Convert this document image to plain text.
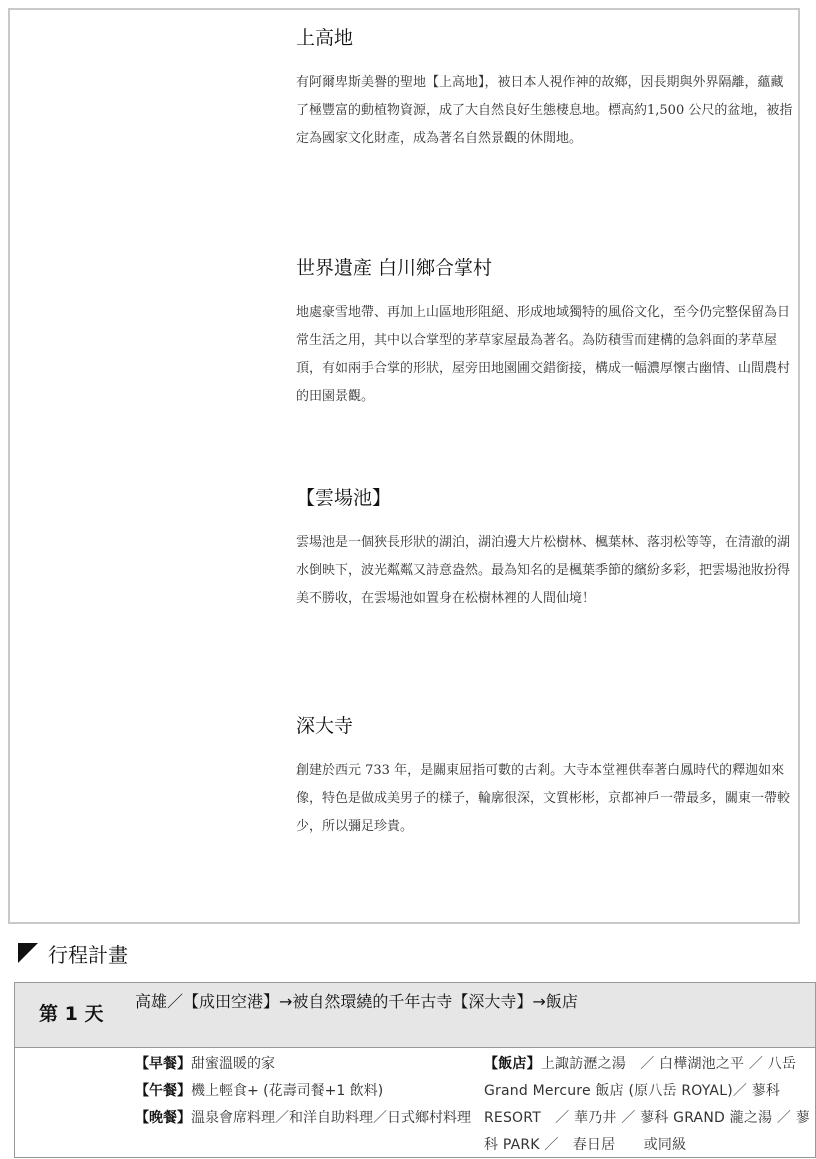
上高地

有阿爾卑斯美譽的聖地【上高地】，被日本人視作神的故鄉，因長期與外界隔離，蘊藏了極豐富的動植物資源，成了大自然良好生態棲息地。標高約1,500 公尺的盆地，被指定為國家文化財產，成為著名自然景觀的休閒地。

世界遺產 白川鄉合掌村

地處豪雪地帶、再加上山區地形阻絕、形成地域獨特的風俗文化，至今仍完整保留為日常生活之用，其中以合掌型的茅草家屋最為著名。為防積雪而建構的急斜面的茅草屋頂，有如兩手合掌的形狀，屋旁田地園圃交錯銜接，構成一幅濃厚懷古幽情、山間農村的田園景觀。

【雲場池】

雲場池是一個狹長形狀的湖泊，湖泊邊大片松樹林、楓葉林、落羽松等等，在清澈的湖水倒映下，波光粼粼又詩意盎然。最為知名的是楓葉季節的繽紛多彩，把雲場池妝扮得美不勝收，在雲場池如置身在松樹林裡的人間仙境！

深大寺

創建於西元 733 年，是關東屈指可數的古剎。大寺本堂裡供奉著白鳳時代的釋迦如來像，特色是做成美男子的樣子，輪廓很深，文質彬彬，京都神戶一帶最多，關東一帶較少，所以彌足珍貴。

行程計畫
第 1 天
高雄／【成田空港】→被自然環繞的千年古寺【深大寺】→飯店
【早餐】甜蜜溫暖的家
【午餐】機上輕食+ (花壽司餐+1 飲料)
【晚餐】溫泉會席料理／和洋自助料理／日式鄉村料理
【飯店】上諏訪瀝之湯　／ 白樺湖池之平 ／ 八岳 Grand Mercure 飯店 (原八岳 ROYAL)／ 蓼科 RESORT　／ 華乃井 ／ 蓼科 GRAND 瀧之湯 ／ 蓼科 PARK ／　春日居　　或同級
